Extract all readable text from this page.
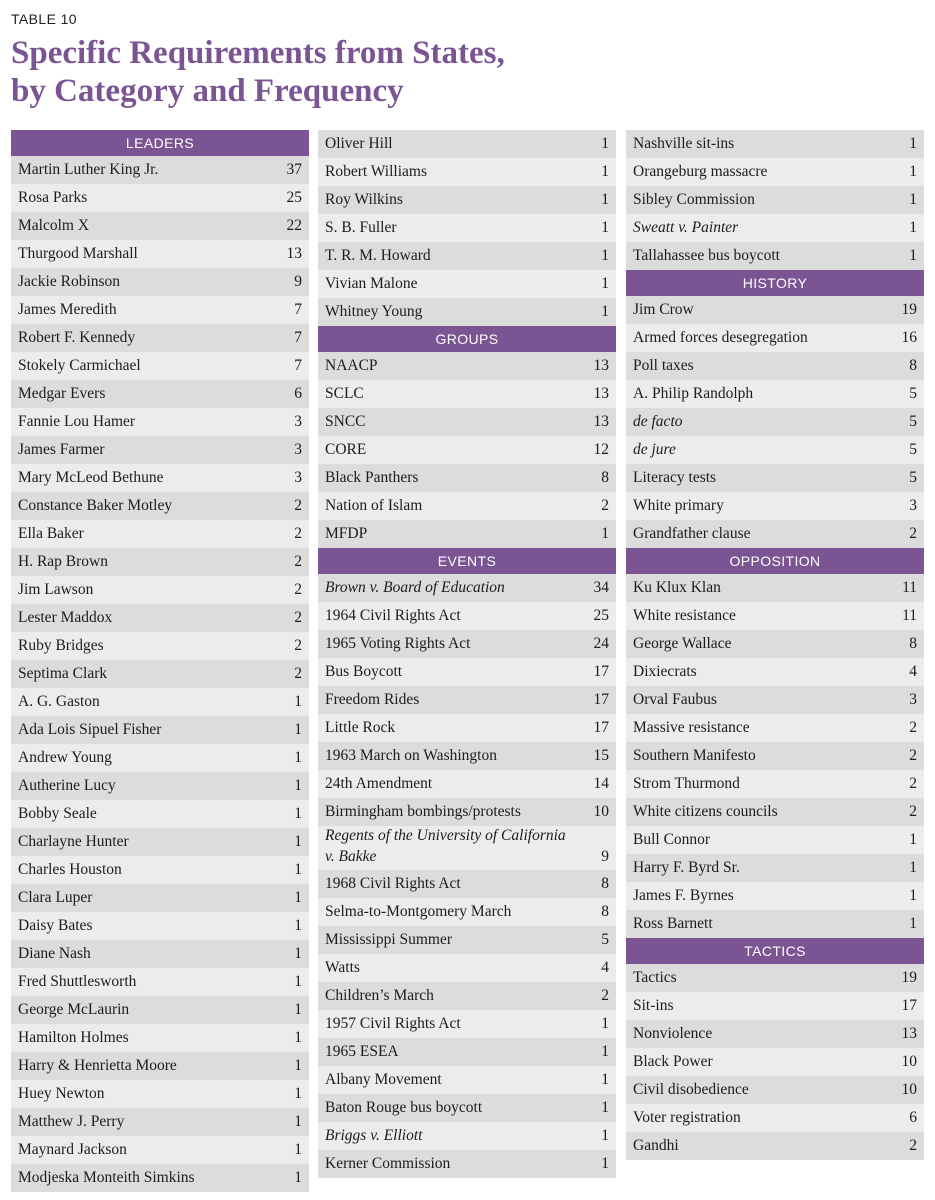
TABLE 10
Specific Requirements from States,
by Category and Frequency
LEADERS
Martin Luther King Jr.	37
Rosa Parks	25
Malcolm X	22
Thurgood Marshall	13
Jackie Robinson	9
James Meredith	7
Robert F. Kennedy	7
Stokely Carmichael	7
Medgar Evers	6
Fannie Lou Hamer	3
James Farmer	3
Mary McLeod Bethune	3
Constance Baker Motley	2
Ella Baker	2
H. Rap Brown	2
Jim Lawson	2
Lester Maddox	2
Ruby Bridges	2
Septima Clark	2
A. G. Gaston	1
Ada Lois Sipuel Fisher	1
Andrew Young	1
Autherine Lucy	1
Bobby Seale	1
Charlayne Hunter	1
Charles Houston	1
Clara Luper	1
Daisy Bates	1
Diane Nash	1
Fred Shuttlesworth	1
George McLaurin	1
Hamilton Holmes	1
Harry & Henrietta Moore	1
Huey Newton	1
Matthew J. Perry	1
Maynard Jackson	1
Modjeska Monteith Simkins	1
Oliver Hill	1
Robert Williams	1
Roy Wilkins	1
S. B. Fuller	1
T. R. M. Howard	1
Vivian Malone	1
Whitney Young	1
GROUPS
NAACP	13
SCLC	13
SNCC	13
CORE	12
Black Panthers	8
Nation of Islam	2
MFDP	1
EVENTS
Brown v. Board of Education	34
1964 Civil Rights Act	25
1965 Voting Rights Act	24
Bus Boycott	17
Freedom Rides	17
Little Rock	17
1963 March on Washington	15
24th Amendment	14
Birmingham bombings/protests	10
Regents of the University of California v. Bakke	9
1968 Civil Rights Act	8
Selma-to-Montgomery March	8
Mississippi Summer	5
Watts	4
Children’s March	2
1957 Civil Rights Act	1
1965 ESEA	1
Albany Movement	1
Baton Rouge bus boycott	1
Briggs v. Elliott	1
Kerner Commission	1
Nashville sit-ins	1
Orangeburg massacre	1
Sibley Commission	1
Sweatt v. Painter	1
Tallahassee bus boycott	1
HISTORY
Jim Crow	19
Armed forces desegregation	16
Poll taxes	8
A. Philip Randolph	5
de facto	5
de jure	5
Literacy tests	5
White primary	3
Grandfather clause	2
OPPOSITION
Ku Klux Klan	11
White resistance	11
George Wallace	8
Dixiecrats	4
Orval Faubus	3
Massive resistance	2
Southern Manifesto	2
Strom Thurmond	2
White citizens councils	2
Bull Connor	1
Harry F. Byrd Sr.	1
James F. Byrnes	1
Ross Barnett	1
TACTICS
Tactics	19
Sit-ins	17
Nonviolence	13
Black Power	10
Civil disobedience	10
Voter registration	6
Gandhi	2
